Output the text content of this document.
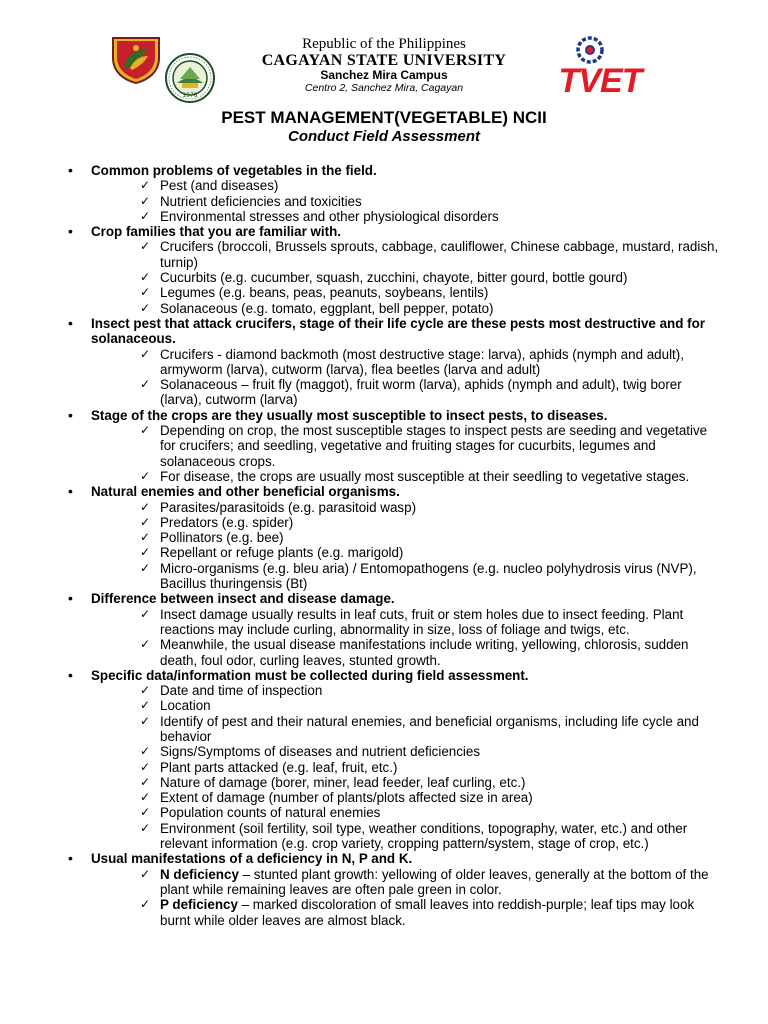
1978
Republic of the Philippines
CAGAYAN STATE UNIVERSITY
Sanchez Mira Campus
Centro 2, Sanchez Mira, Cagayan	TVET
PEST MANAGEMENT(VEGETABLE) NCII
Conduct Field Assessment
• Common problems of vegetables in the field.
✓ Pest (and diseases)
✓ Nutrient deficiencies and toxicities
✓ Environmental stresses and other physiological disorders
• Crop families that you are familiar with.
✓ Crucifers (broccoli, Brussels sprouts, cabbage, cauliflower, Chinese cabbage, mustard, radish, turnip)
✓ Cucurbits (e.g. cucumber, squash, zucchini, chayote, bitter gourd, bottle gourd)
✓ Legumes (e.g. beans, peas, peanuts, soybeans, lentils)
✓ Solanaceous (e.g. tomato, eggplant, bell pepper, potato)
• Insect pest that attack crucifers, stage of their life cycle are these pests most destructive and for solanaceous.
✓ Crucifers - diamond backmoth (most destructive stage: larva), aphids (nymph and adult), armyworm (larva), cutworm (larva), flea beetles (larva and adult)
✓ Solanaceous – fruit fly (maggot), fruit worm (larva), aphids (nymph and adult), twig borer (larva), cutworm (larva)
• Stage of the crops are they usually most susceptible to insect pests, to diseases.
✓ Depending on crop, the most susceptible stages to inspect pests are seeding and vegetative for crucifers; and seedling, vegetative and fruiting stages for cucurbits, legumes and solanaceous crops.
✓ For disease, the crops are usually most susceptible at their seedling to vegetative stages.
• Natural enemies and other beneficial organisms.
✓ Parasites/parasitoids (e.g. parasitoid wasp)
✓ Predators (e.g. spider)
✓ Pollinators (e.g. bee)
✓ Repellant or refuge plants (e.g. marigold)
✓ Micro-organisms (e.g. bleu aria) / Entomopathogens (e.g. nucleo polyhydrosis virus (NVP), Bacillus thuringensis (Bt)
• Difference between insect and disease damage.
✓ Insect damage usually results in leaf cuts, fruit or stem holes due to insect feeding. Plant reactions may include curling, abnormality in size, loss of foliage and twigs, etc.
✓ Meanwhile, the usual disease manifestations include writing, yellowing, chlorosis, sudden death, foul odor, curling leaves, stunted growth.
• Specific data/information must be collected during field assessment.
✓ Date and time of inspection
✓ Location
✓ Identify of pest and their natural enemies, and beneficial organisms, including life cycle and behavior
✓ Signs/Symptoms of diseases and nutrient deficiencies
✓ Plant parts attacked (e.g. leaf, fruit, etc.)
✓ Nature of damage (borer, miner, lead feeder, leaf curling, etc.)
✓ Extent of damage (number of plants/plots affected size in area)
✓ Population counts of natural enemies
✓ Environment (soil fertility, soil type, weather conditions, topography, water, etc.) and other relevant information (e.g. crop variety, cropping pattern/system, stage of crop, etc.)
• Usual manifestations of a deficiency in N, P and K.
✓ N deficiency – stunted plant growth: yellowing of older leaves, generally at the bottom of the plant while remaining leaves are often pale green in color.
✓ P deficiency – marked discoloration of small leaves into reddish-purple; leaf tips may look burnt while older leaves are almost black.
